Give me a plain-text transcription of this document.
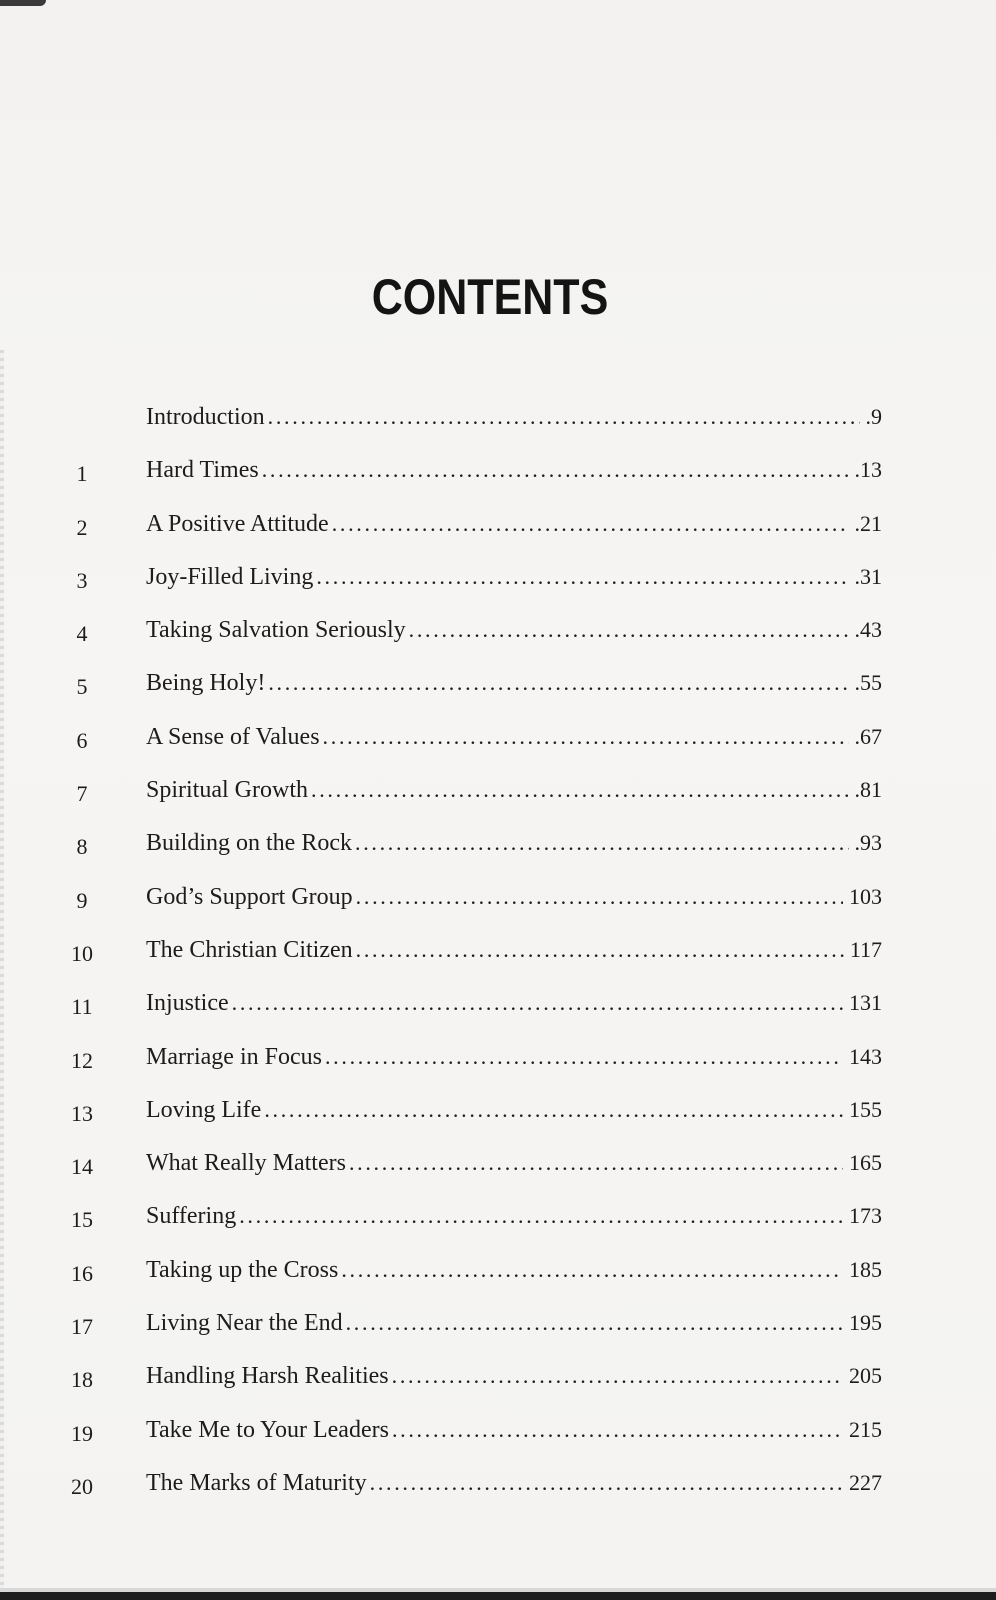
CONTENTS
Introduction . . .	.9
1	Hard Times . . .	.13
2	A Positive Attitude . . .	.21
3	Joy-Filled Living . . .	.31
4	Taking Salvation Seriously . . .	.43
5	Being Holy! . . .	.55
6	A Sense of Values . . .	.67
7	Spiritual Growth . . .	.81
8	Building on the Rock . . .	.93
9	God’s Support Group . . .	103
10	The Christian Citizen . . .	117
11	Injustice . . .	131
12	Marriage in Focus . . .	143
13	Loving Life . . .	155
14	What Really Matters . . .	165
15	Suffering . . .	173
16	Taking up the Cross . . .	185
17	Living Near the End . . .	195
18	Handling Harsh Realities . . .	205
19	Take Me to Your Leaders . . .	215
20	The Marks of Maturity . . .	227
